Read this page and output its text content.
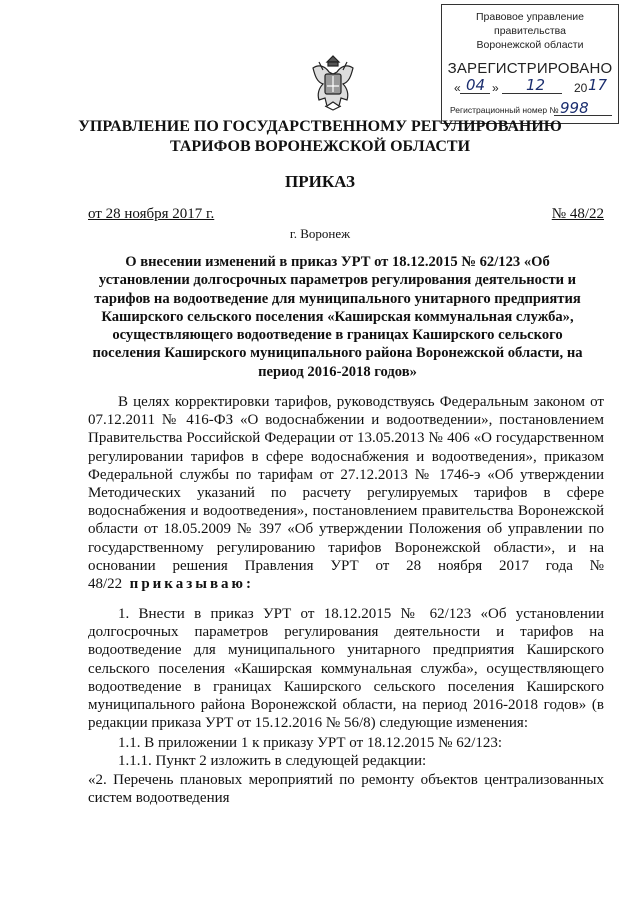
Правовое управление правительства
Воронежской области
ЗАРЕГИСТРИРОВАНО
« 04 » 12 20 17
Регистрационный номер № 998
УПРАВЛЕНИЕ ПО ГОСУДАРСТВЕННОМУ РЕГУЛИРОВАНИЮ
ТАРИФОВ ВОРОНЕЖСКОЙ ОБЛАСТИ
ПРИКАЗ
от 28 ноября 2017 г.	№ 48/22
г. Воронеж
О внесении изменений в приказ УРТ от 18.12.2015 № 62/123 «Об установлении долгосрочных параметров регулирования деятельности и тарифов на водоотведение для муниципального унитарного предприятия Каширского сельского поселения «Каширская коммунальная служба», осуществляющего водоотведение в границах Каширского сельского поселения Каширского муниципального района Воронежской области, на период 2016-2018 годов»
В целях корректировки тарифов, руководствуясь Федеральным законом от 07.12.2011 № 416-ФЗ «О водоснабжении и водоотведении», постановлением Правительства Российской Федерации от 13.05.2013 № 406 «О государственном регулировании тарифов в сфере водоснабжения и водоотведения», приказом Федеральной службы по тарифам от 27.12.2013 № 1746-э «Об утверждении Методических указаний по расчету регулируемых тарифов в сфере водоснабжения и водоотведения», постановлением правительства Воронежской области от 18.05.2009 № 397 «Об утверждении Положения об управлении по государственному регулированию тарифов Воронежской области», и на основании решения Правления УРТ от 28 ноября 2017 года № 48/22 приказываю:
1. Внести в приказ УРТ от 18.12.2015 № 62/123 «Об установлении долгосрочных параметров регулирования деятельности и тарифов на водоотведение для муниципального унитарного предприятия Каширского сельского поселения «Каширская коммунальная служба», осуществляющего водоотведение в границах Каширского сельского поселения Каширского муниципального района Воронежской области, на период 2016-2018 годов» (в редакции приказа УРТ от 15.12.2016 № 56/8) следующие изменения:
1.1. В приложении 1 к приказу УРТ от 18.12.2015 № 62/123:
1.1.1. Пункт 2 изложить в следующей редакции:
«2. Перечень плановых мероприятий по ремонту объектов централизованных систем водоотведения
